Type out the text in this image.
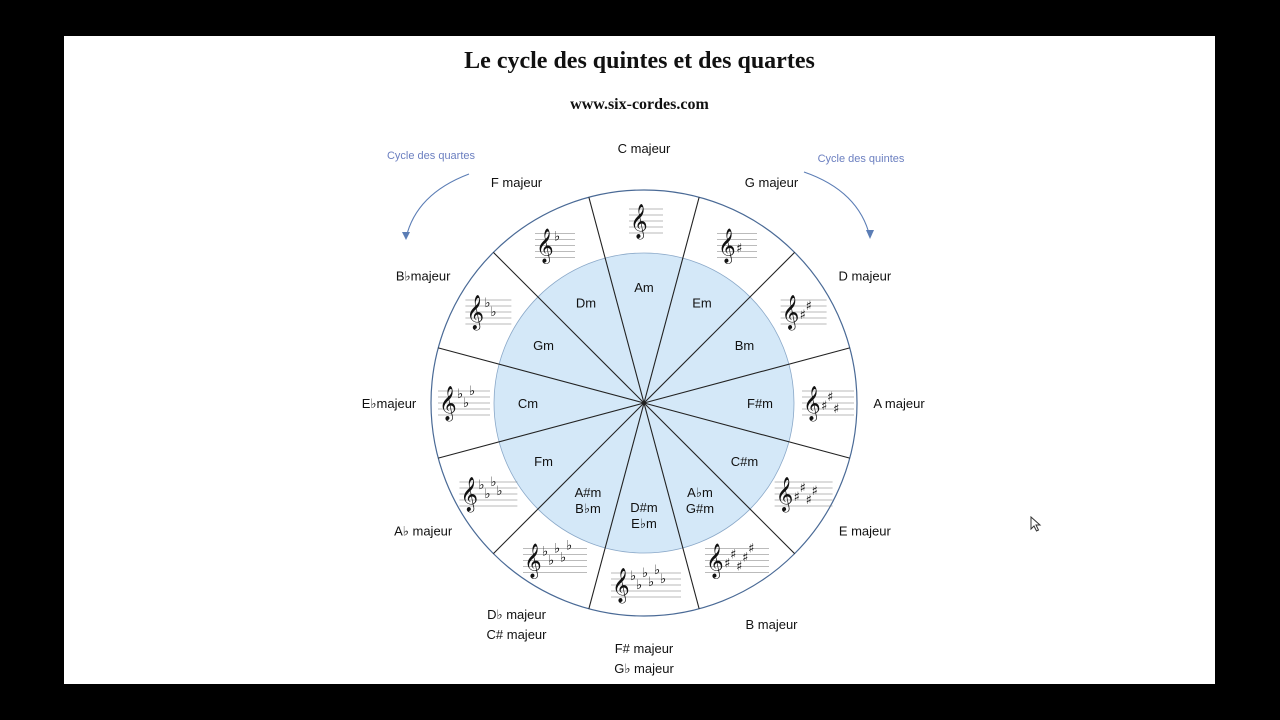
Le cycle des quintes et des quartes
www.six-cordes.com
C majeur
Am
𝄞
G majeur
Em
𝄞 ♯
D majeur
Bm
𝄞 ♯
♯
A majeur
F#m 𝄞 ♯
♯
♯
E majeur
C#m
𝄞 ♯
♯
♯
♯
B majeur
A♭m
G#m
𝄞 ♯
♯
♯
♯
♯
F# majeur
G♭ majeur
D#m
E♭m
𝄞 ♭
♭
♭
♭
♭
♭
D♭ majeur
C# majeur
A#m
B♭m
𝄞 ♭
♭
♭
♭
♭
A♭ majeur
Fm
𝄞 ♭
♭
♭
♭
E♭majeur	Cm
𝄞 ♭
♭
♭
B♭majeur
Gm
𝄞 ♭
♭
F majeur
Dm
𝄞 ♭
Cycle des quartes	Cycle des quintes
